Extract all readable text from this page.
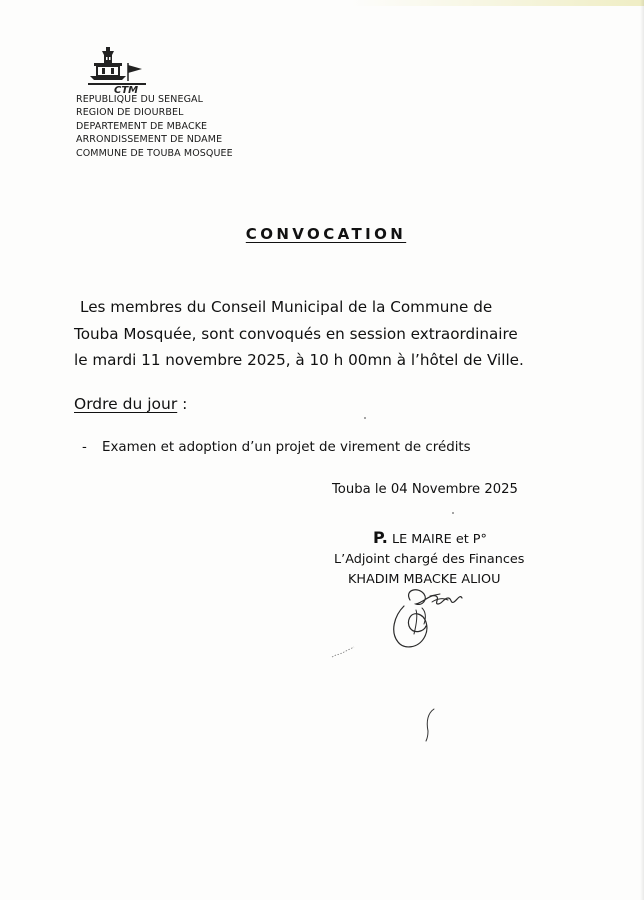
CTM
REPUBLIQUE DU SENEGAL
REGION DE DIOURBEL
DEPARTEMENT DE MBACKE
ARRONDISSEMENT DE NDAME
COMMUNE DE TOUBA MOSQUEE
CONVOCATION
Les membres du Conseil Municipal de la Commune de
Touba Mosquée, sont convoqués en session extraordinaire
le mardi 11 novembre 2025, à 10 h 00mn à l’hôtel de Ville.
Ordre du jour :
- Examen et adoption d’un projet de virement de crédits
Touba le 04 Novembre 2025
P. LE MAIRE et P°
L’Adjoint chargé des Finances
KHADIM MBACKE ALIOU
